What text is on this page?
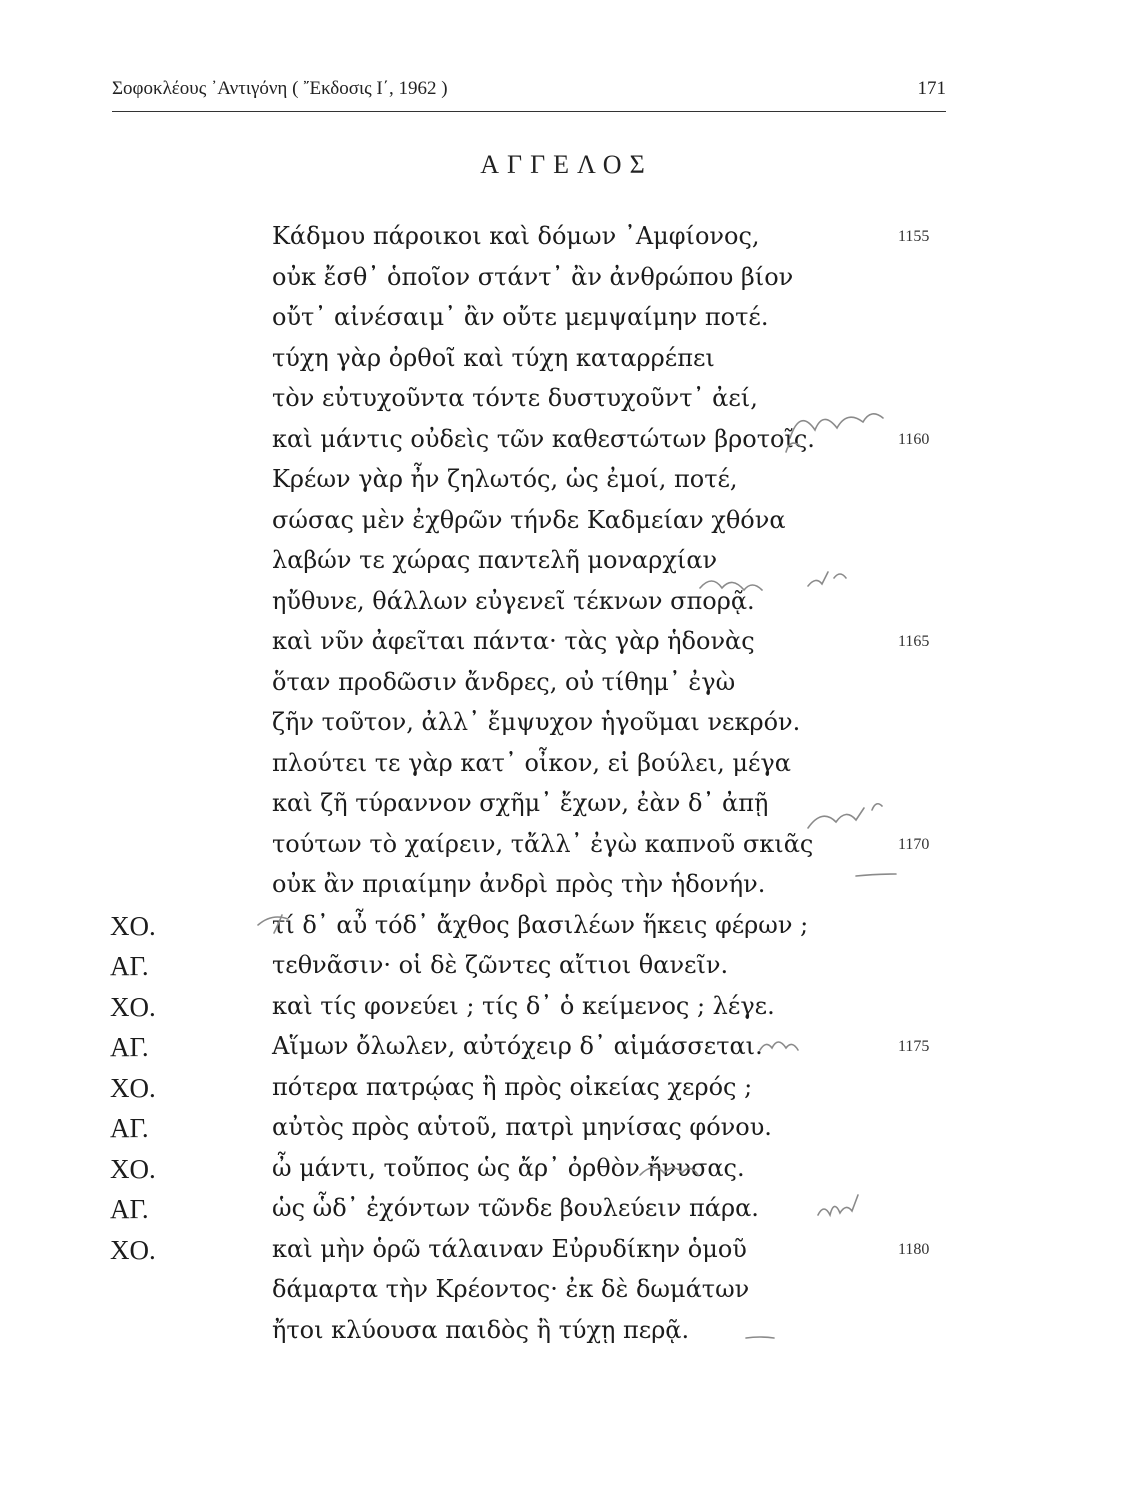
Σοφοκλέους ᾿Αντιγόνη ( ῎Εκδοσις Ι΄, 1962 )	171
ΑΓΓΕΛΟΣ
Κάδμου πάροικοι καὶ δόμων ᾿Αμφίονος,	1155
οὐκ ἔσθ᾿ ὁποῖον στάντ᾿ ἂν ἀνθρώπου βίον
οὔτ᾿ αἰνέσαιμ᾿ ἂν οὔτε μεμψαίμην ποτέ.
τύχη γὰρ ὀρθοῖ καὶ τύχη καταρρέπει
τὸν εὐτυχοῦντα τόντε δυστυχοῦντ᾿ ἀεί,
καὶ μάντις οὐδεὶς τῶν καθεστώτων βροτοῖς.	1160
Κρέων γὰρ ἦν ζηλωτός, ὡς ἐμοί, ποτέ,
σώσας μὲν ἐχθρῶν τήνδε Καδμείαν χθόνα
λαβών τε χώρας παντελῆ μοναρχίαν
ηὔθυνε, θάλλων εὐγενεῖ τέκνων σπορᾷ.
καὶ νῦν ἀφεῖται πάντα· τὰς γὰρ ἡδονὰς	1165
ὅταν προδῶσιν ἄνδρες, οὐ τίθημ᾿ ἐγὼ
ζῆν τοῦτον, ἀλλ᾿ ἔμψυχον ἡγοῦμαι νεκρόν.
πλούτει τε γὰρ κατ᾿ οἶκον, εἰ βούλει, μέγα
καὶ ζῆ τύραννον σχῆμ᾿ ἔχων, ἐὰν δ᾿ ἀπῇ
τούτων τὸ χαίρειν, τἄλλ᾿ ἐγὼ καπνοῦ σκιᾶς	1170
οὐκ ἂν πριαίμην ἀνδρὶ πρὸς τὴν ἡδονήν.
ΧΟ.	τί δ᾿ αὖ τόδ᾿ ἄχθος βασιλέων ἥκεις φέρων ;
ΑΓ.	τεθνᾶσιν· οἱ δὲ ζῶντες αἴτιοι θανεῖν.
ΧΟ.	καὶ τίς φονεύει ; τίς δ᾿ ὁ κείμενος ; λέγε.
ΑΓ.	Αἵμων ὄλωλεν, αὐτόχειρ δ᾿ αἱμάσσεται.	1175
ΧΟ.	πότερα πατρῴας ἢ πρὸς οἰκείας χερός ;
ΑΓ.	αὐτὸς πρὸς αὑτοῦ, πατρὶ μηνίσας φόνου.
ΧΟ.	ὦ μάντι, τοὔπος ὡς ἄρ᾿ ὀρθὸν ἤνυσας.
ΑΓ.	ὡς ὧδ᾿ ἐχόντων τῶνδε βουλεύειν πάρα.
ΧΟ.	καὶ μὴν ὁρῶ τάλαιναν Εὐρυδίκην ὁμοῦ	1180
δάμαρτα τὴν Κρέοντος· ἐκ δὲ δωμάτων
ἤτοι κλύουσα παιδὸς ἢ τύχῃ περᾷ.
